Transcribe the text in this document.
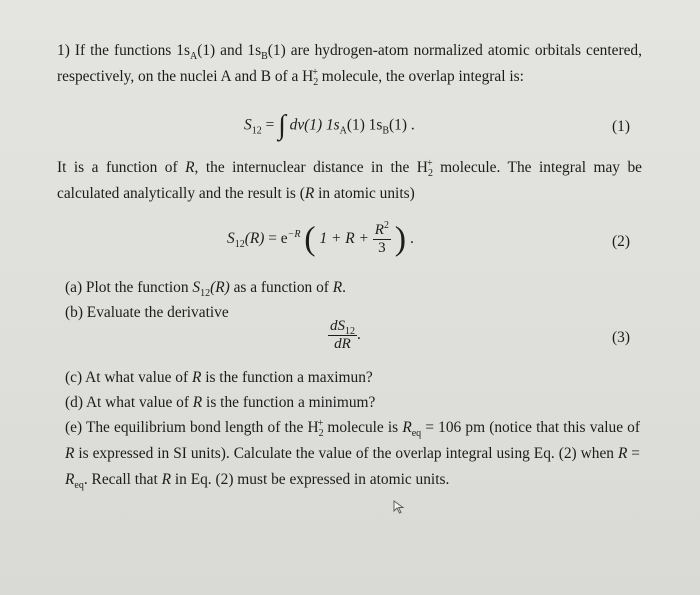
1) If the functions $1s_A(1)$ and $1s_B(1)$ are hydrogen-atom normalized atomic orbitals centered, respectively, on the nuclei A and B of a $H_2^+$ molecule, the overlap integral is:
$S_{12}$ = ∫ dv(1) $1s_A(1)$ $1s_B(1)$ .	(1)
It is a function of R, the internuclear distance in the $H_2^+$ molecule. The integral may be calculated analytically and the result is (R in atomic units)
$S_{12}(R) = e^{-R}$ ( $1 + R + \frac{R^2}{3}$ ) .	(2)
(a) Plot the function $S_{12}(R)$ as a function of R.
(b) Evaluate the derivative
$\frac{dS_{12}}{dR}$ .	(3)
(c) At what value of R is the function a maximun?
(d) At what value of R is the function a minimum?
(e) The equilibrium bond length of the $H_2^+$ molecule is $R_{eq} = 106$ pm (notice that this value of R is expressed in SI units). Calculate the value of the overlap integral using Eq. (2) when $R = R_{eq}$. Recall that R in Eq. (2) must be expressed in atomic units.
